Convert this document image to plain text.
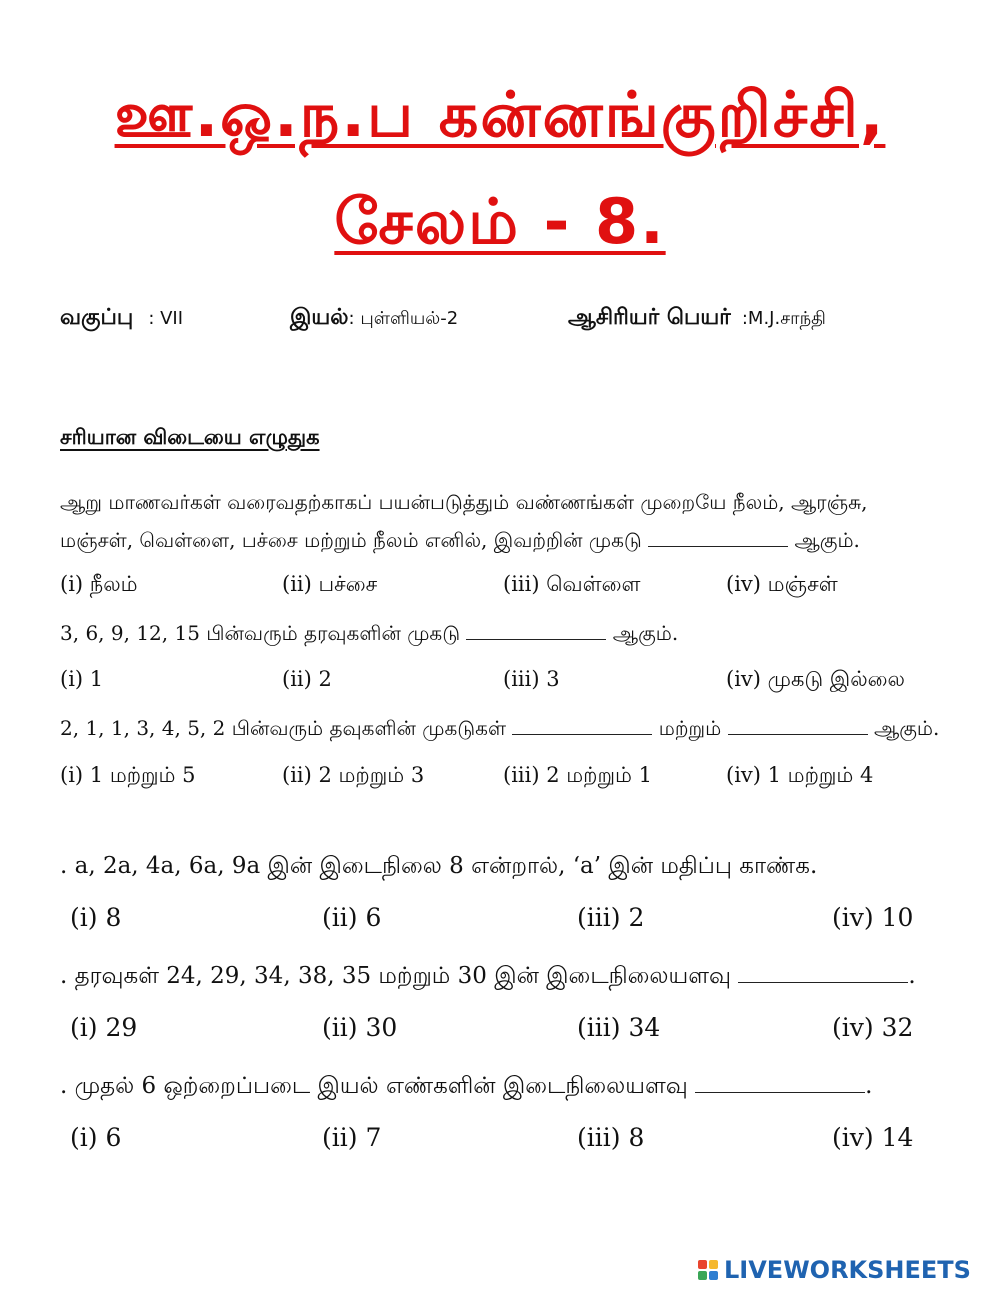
ஊ.ஒ.ந.ப கன்னங்குறிச்சி,
சேலம் - 8.
வகுப்பு : VII	இயல்: புள்ளியல்-2	ஆசிரியர் பெயர் :M.J.சாந்தி
சரியான விடையை எழுதுக
ஆறு மாணவர்கள் வரைவதற்காகப் பயன்படுத்தும் வண்ணங்கள் முறையே நீலம், ஆரஞ்சு,
மஞ்சள், வெள்ளை, பச்சை மற்றும் நீலம் எனில், இவற்றின் முகடு	ஆகும்.
(i) நீலம்	(ii) பச்சை	(iii) வெள்ளை	(iv) மஞ்சள்
3, 6, 9, 12, 15 பின்வரும் தரவுகளின் முகடு	ஆகும்.
(i) 1	(ii) 2	(iii) 3	(iv) முகடு இல்லை
2, 1, 1, 3, 4, 5, 2 பின்வரும் தவுகளின் முகடுகள்	மற்றும்	ஆகும்.
(i) 1 மற்றும் 5	(ii) 2 மற்றும் 3	(iii) 2 மற்றும் 1	(iv) 1 மற்றும் 4
. a, 2a, 4a, 6a, 9a இன் இடைநிலை 8 என்றால், ‘a’ இன் மதிப்பு காண்க.
(i) 8	(ii) 6	(iii) 2	(iv) 10
. தரவுகள் 24, 29, 34, 38, 35 மற்றும் 30 இன் இடைநிலையளவு	.
(i) 29	(ii) 30	(iii) 34	(iv) 32
. முதல் 6 ஒற்றைப்படை இயல் எண்களின் இடைநிலையளவு	.
(i) 6	(ii) 7	(iii) 8	(iv) 14
LIVEWORKSHEETS
